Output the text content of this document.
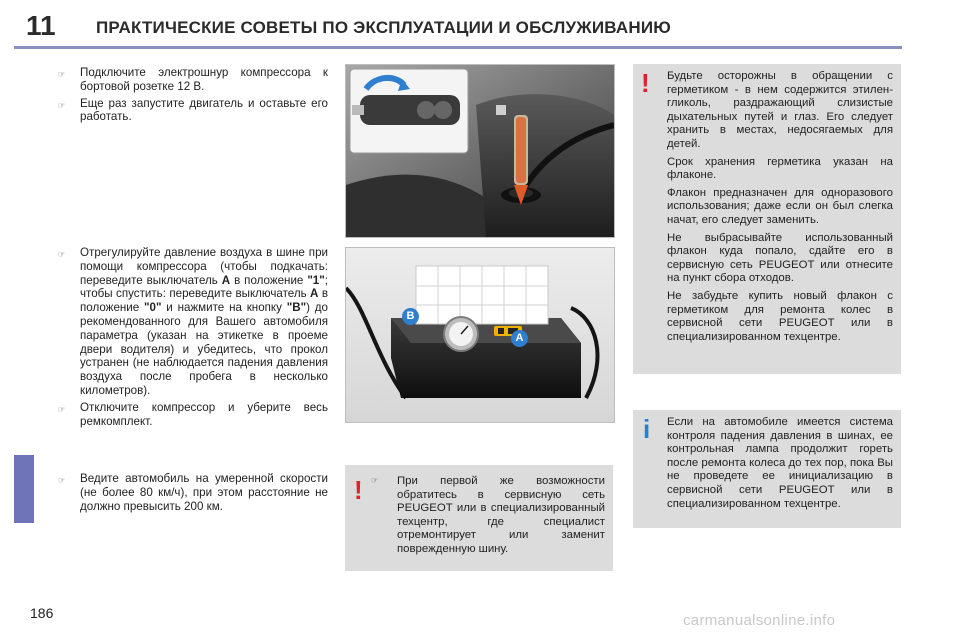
11 ПРАКТИЧЕСКИЕ СОВЕТЫ ПО ЭКСПЛУАТАЦИИ И ОБСЛУЖИВАНИЮ
☞	Подключите электрошнур компрессора к бортовой розетке 12 В.
☞	Еще раз запустите двигатель и оставьте его работать.
☞	Отрегулируйте давление воздуха в шине при помощи компрессора (чтобы подкачать: переведите выключатель A в положение "1"; чтобы спустить: переведите выключатель A в положение "0" и нажмите на кнопку "B") до рекомендованного для Вашего автомобиля параметра (указан на этикетке в проеме двери водителя) и убедитесь, что прокол устранен (не наблюдается падения давления воздуха после пробега в несколько километров).
☞	Отключите компрессор и уберите весь ремкомплект.
☞	Ведите автомобиль на умеренной скорости (не более 80 км/ч), при этом расстояние не должно превысить 200 км.
B
A
! ☞ При первой же возможности обратитесь в сервисную сеть PEUGEOT или в специализированный техцентр, где специалист отремонтирует или заменит поврежденную шину.
! Будьте осторожны в обращении с герметиком - в нем содержится этилен-гликоль, раздражающий слизистые дыхательных путей и глаз. Его следует хранить в местах, недосягаемых для детей.

Срок хранения герметика указан на флаконе.

Флакон предназначен для одноразового использования; даже если он был слегка начат, его следует заменить.

Не выбрасывайте использованный флакон куда попало, сдайте его в сервисную сеть PEUGEOT или отнесите на пункт сбора отходов.

Не забудьте купить новый флакон с герметиком для ремонта колес в сервисной сети PEUGEOT или в специализированном техцентре.

i Если на автомобиле имеется система контроля падения давления в шинах, ее контрольная лампа продолжит гореть после ремонта колеса до тех пор, пока Вы не проведете ее инициализацию в сервисной сети PEUGEOT или в специализированном техцентре.
186	carmanualsonline.info
